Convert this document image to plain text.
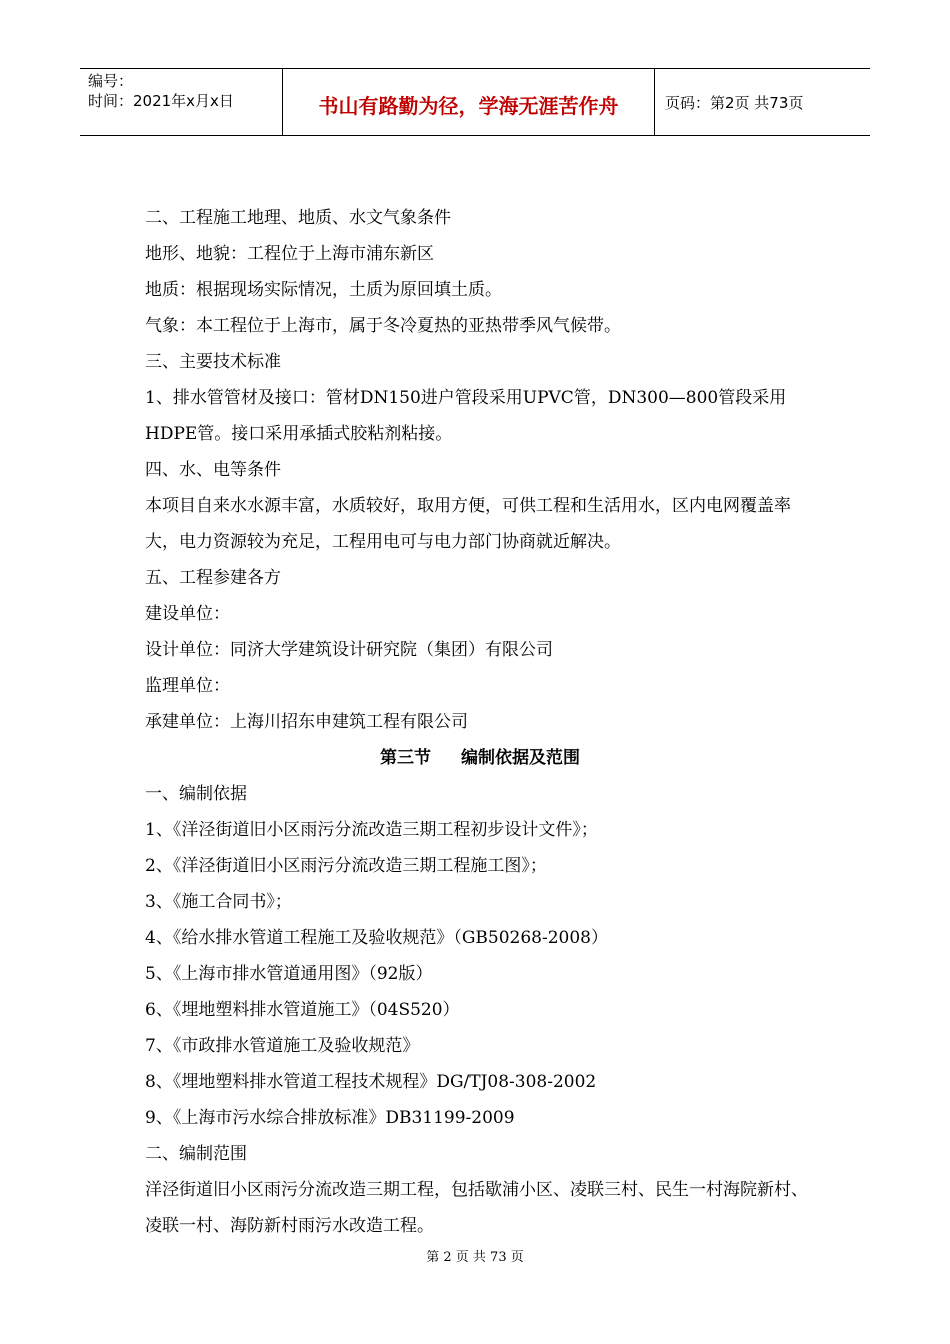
编号：
时间：2021年x月x日	书山有路勤为径，学海无涯苦作舟	页码：第2页 共73页
二、工程施工地理、地质、水文气象条件
地形、地貌：工程位于上海市浦东新区
地质：根据现场实际情况，土质为原回填土质。
气象：本工程位于上海市，属于冬冷夏热的亚热带季风气候带。
三、主要技术标准
1、排水管管材及接口：管材DN150进户管段采用UPVC管，DN300—800管段采用HDPE管。接口采用承插式胶粘剂粘接。
四、水、电等条件
本项目自来水水源丰富，水质较好，取用方便，可供工程和生活用水，区内电网覆盖率大，电力资源较为充足，工程用电可与电力部门协商就近解决。
五、工程参建各方
建设单位：
设计单位：同济大学建筑设计研究院（集团）有限公司
监理单位：
承建单位：上海川招东申建筑工程有限公司
第三节 编制依据及范围
一、编制依据
1、《洋泾街道旧小区雨污分流改造三期工程初步设计文件》；
2、《洋泾街道旧小区雨污分流改造三期工程施工图》；
3、《施工合同书》；
4、《给水排水管道工程施工及验收规范》（GB50268-2008）
5、《上海市排水管道通用图》（92版）
6、《埋地塑料排水管道施工》（04S520）
7、《市政排水管道施工及验收规范》
8、《埋地塑料排水管道工程技术规程》DG/TJ08-308-2002
9、《上海市污水综合排放标准》DB31199-2009
二、编制范围
洋泾街道旧小区雨污分流改造三期工程，包括歇浦小区、凌联三村、民生一村海院新村、凌联一村、海防新村雨污水改造工程。
第 2 页 共 73 页
